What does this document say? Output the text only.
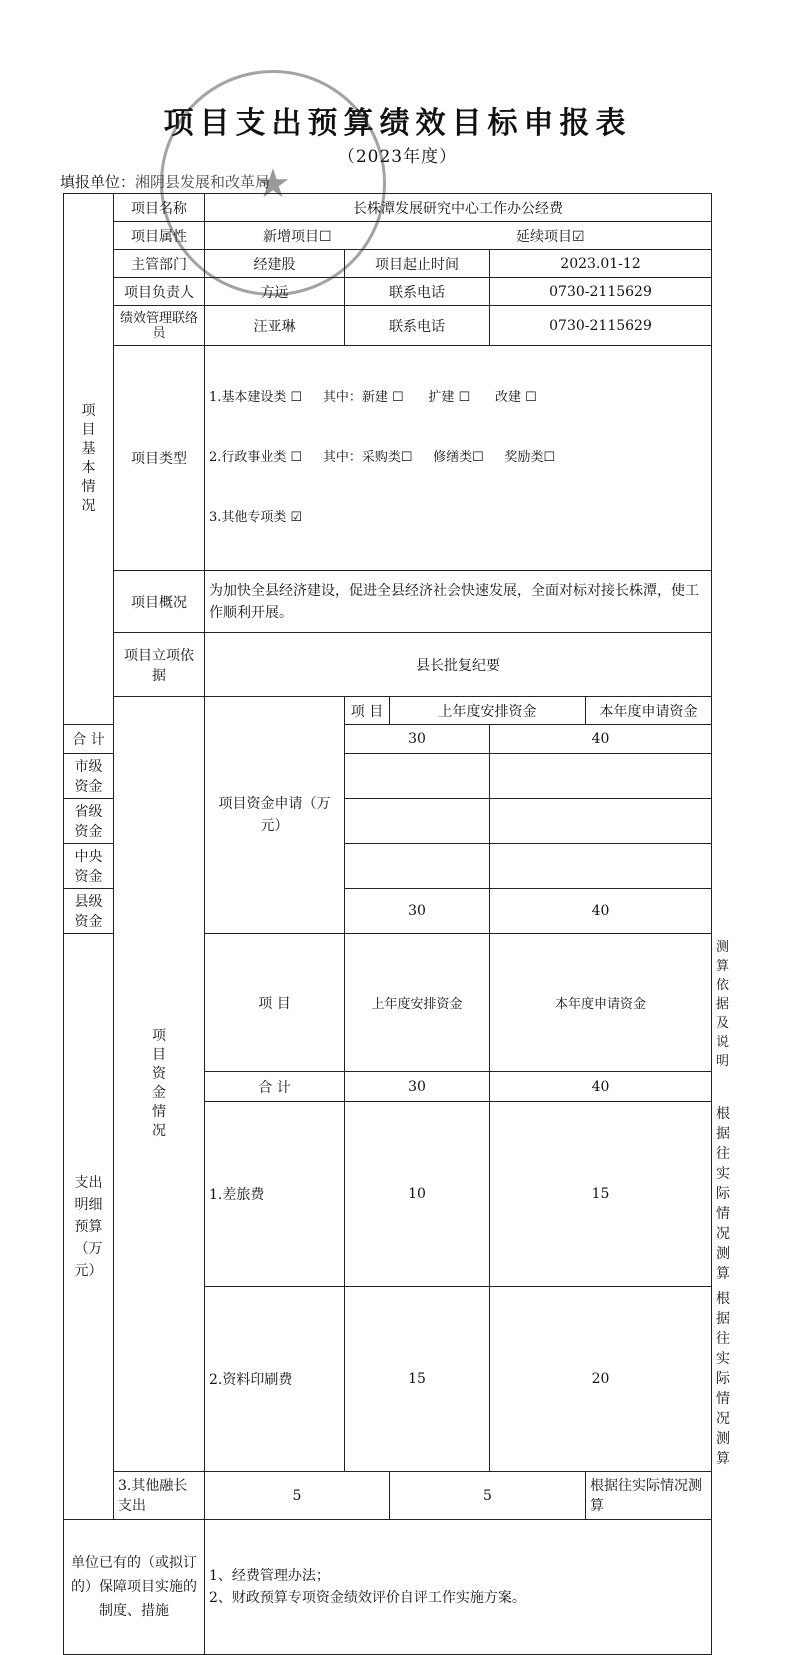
项目支出预算绩效目标申报表
（2023年度）
填报单位：湘阴县发展和改革局
★
项目基本情况	项目名称	长株潭发展研究中心工作办公经费					
	项目属性	新增项目☐		延续项目☑			
	主管部门	经建股	项目起止时间		2023.01-12		
	项目负责人	方远	联系电话		0730-2115629		
	绩效管理联络员	汪亚琳	联系电话		0730-2115629		
	项目类型	1.基本建设类 ☐     其中：新建 ☐      扩建 ☐      改建 ☐

2.行政事业类 ☐     其中：采购类☐     修缮类☐     奖励类☐

3.其他专项类 ☑					

	项目概况	为加快全县经济建设，促进全县经济社会快速发展，全面对标对接长株潭，使工作顺利开展。					
	项目立项依据	县长批复纪要					
	项目资金情况	项目资金申请（万元）	项 目	上年度安排资金		本年度申请资金	
合 计			30		40		
市级资金							
省级资金							
中央资金							
县级资金			30		40		
支出明细预算（万元）		项 目	上年度安排资金		本年度申请资金		测算依据及说明
		合 计	30		40		
		1.差旅费	10		15		根据往实际情况测算
		2.资料印刷费	15		20		根据往实际情况测算
	3.其他融长支出	5		5		根据往实际情况测算	
单位已有的（或拟订的）保障项目实施的制度、措施		1、经费管理办法；
2、财政预算专项资金绩效评价自评工作实施方案。					
